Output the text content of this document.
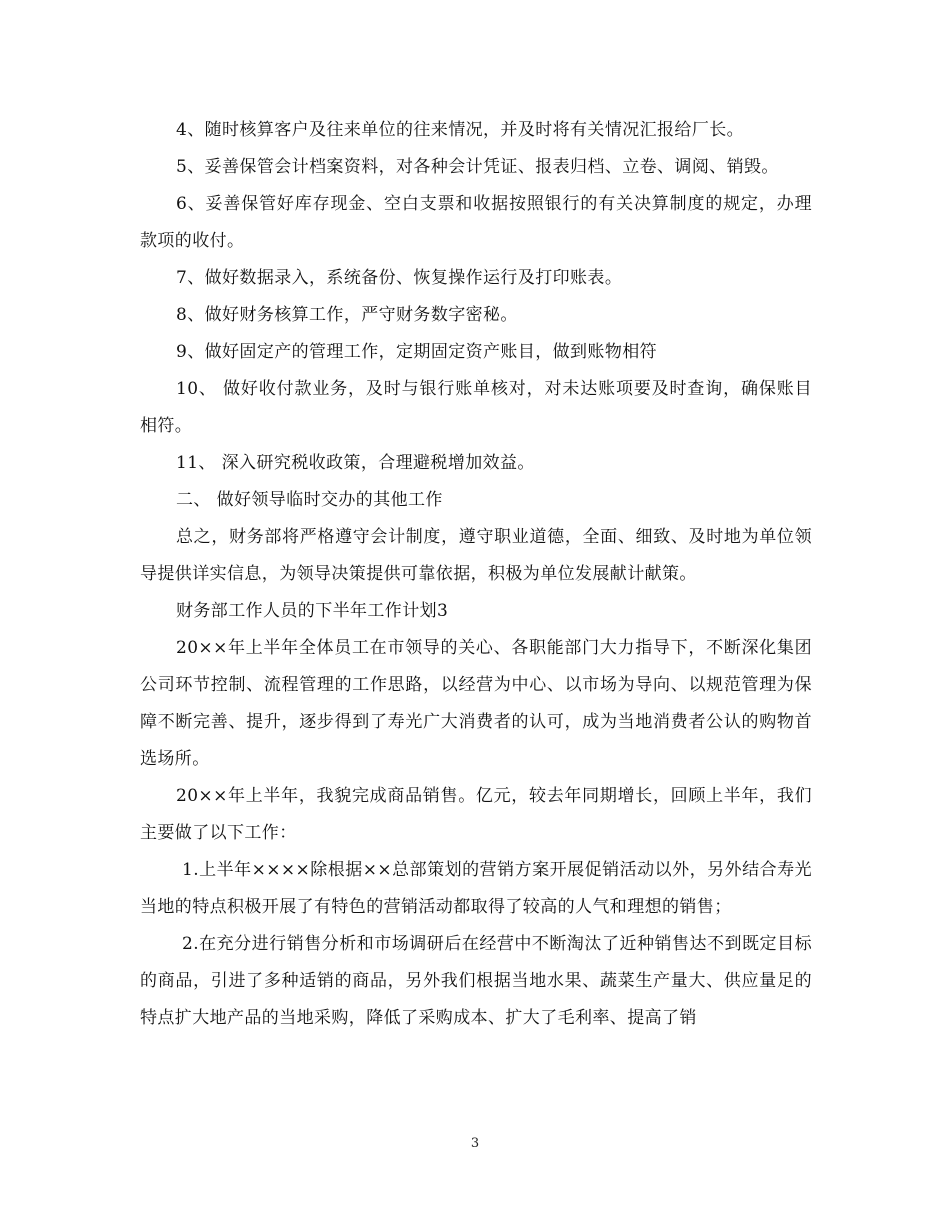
4、随时核算客户及往来单位的往来情况，并及时将有关情况汇报给厂长。

5、妥善保管会计档案资料，对各种会计凭证、报表归档、立卷、调阅、销毁。

6、妥善保管好库存现金、空白支票和收据按照银行的有关决算制度的规定，办理款项的收付。

7、做好数据录入，系统备份、恢复操作运行及打印账表。

8、做好财务核算工作，严守财务数字密秘。

9、做好固定产的管理工作，定期固定资产账目，做到账物相符

10、 做好收付款业务，及时与银行账单核对，对未达账项要及时查询，确保账目相符。

11、 深入研究税收政策，合理避税增加效益。

二、 做好领导临时交办的其他工作

总之，财务部将严格遵守会计制度，遵守职业道德，全面、细致、及时地为单位领导提供详实信息，为领导决策提供可靠依据，积极为单位发展献计献策。

财务部工作人员的下半年工作计划3

20××年上半年全体员工在市领导的关心、各职能部门大力指导下，不断深化集团公司环节控制、流程管理的工作思路，以经营为中心、以市场为导向、以规范管理为保障不断完善、提升，逐步得到了寿光广大消费者的认可，成为当地消费者公认的购物首选场所。

20××年上半年，我貌完成商品销售。亿元，较去年同期增长，回顾上半年，我们主要做了以下工作：

1.上半年××××除根据××总部策划的营销方案开展促销活动以外，另外结合寿光当地的特点积极开展了有特色的营销活动都取得了较高的人气和理想的销售；

2.在充分进行销售分析和市场调研后在经营中不断淘汰了近种销售达不到既定目标的商品，引进了多种适销的商品，另外我们根据当地水果、蔬菜生产量大、供应量足的特点扩大地产品的当地采购，降低了采购成本、扩大了毛利率、提高了销

3
